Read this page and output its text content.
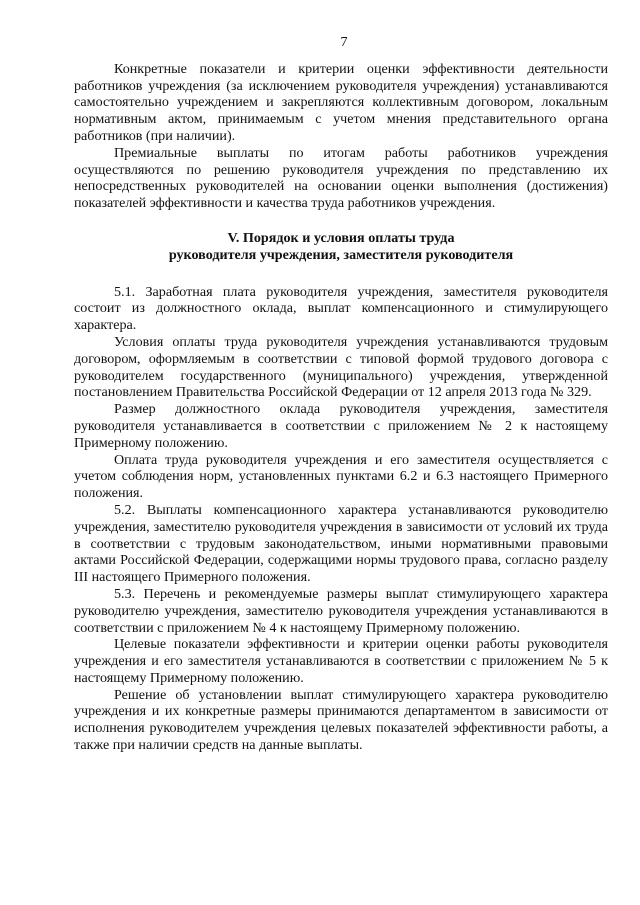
7

Конкретные показатели и критерии оценки эффективности деятельности работников учреждения (за исключением руководителя учреждения) устанавливаются самостоятельно учреждением и закрепляются коллективным договором, локальным нормативным актом, принимаемым с учетом мнения представительного органа работников (при наличии).

Премиальные выплаты по итогам работы работников учреждения осуществляются по решению руководителя учреждения по представлению их непосредственных руководителей на основании оценки выполнения (достижения) показателей эффективности и качества труда работников учреждения.

V. Порядок и условия оплаты труда
руководителя учреждения, заместителя руководителя

5.1. Заработная плата руководителя учреждения, заместителя руководителя состоит из должностного оклада, выплат компенсационного и стимулирующего характера.

Условия оплаты труда руководителя учреждения устанавливаются трудовым договором, оформляемым в соответствии с типовой формой трудового договора с руководителем государственного (муниципального) учреждения, утвержденной постановлением Правительства Российской Федерации от 12 апреля 2013 года № 329.

Размер должностного оклада руководителя учреждения, заместителя руководителя устанавливается в соответствии с приложением № 2 к настоящему Примерному положению.

Оплата труда руководителя учреждения и его заместителя осуществляется с учетом соблюдения норм, установленных пунктами 6.2 и 6.3 настоящего Примерного положения.

5.2. Выплаты компенсационного характера устанавливаются руководителю учреждения, заместителю руководителя учреждения в зависимости от условий их труда в соответствии с трудовым законодательством, иными нормативными правовыми актами Российской Федерации, содержащими нормы трудового права, согласно разделу III настоящего Примерного положения.

5.3. Перечень и рекомендуемые размеры выплат стимулирующего характера руководителю учреждения, заместителю руководителя учреждения устанавливаются в соответствии с приложением № 4 к настоящему Примерному положению.

Целевые показатели эффективности и критерии оценки работы руководителя учреждения и его заместителя устанавливаются в соответствии с приложением № 5 к настоящему Примерному положению.

Решение об установлении выплат стимулирующего характера руководителю учреждения и их конкретные размеры принимаются департаментом в зависимости от исполнения руководителем учреждения целевых показателей эффективности работы, а также при наличии средств на данные выплаты.
